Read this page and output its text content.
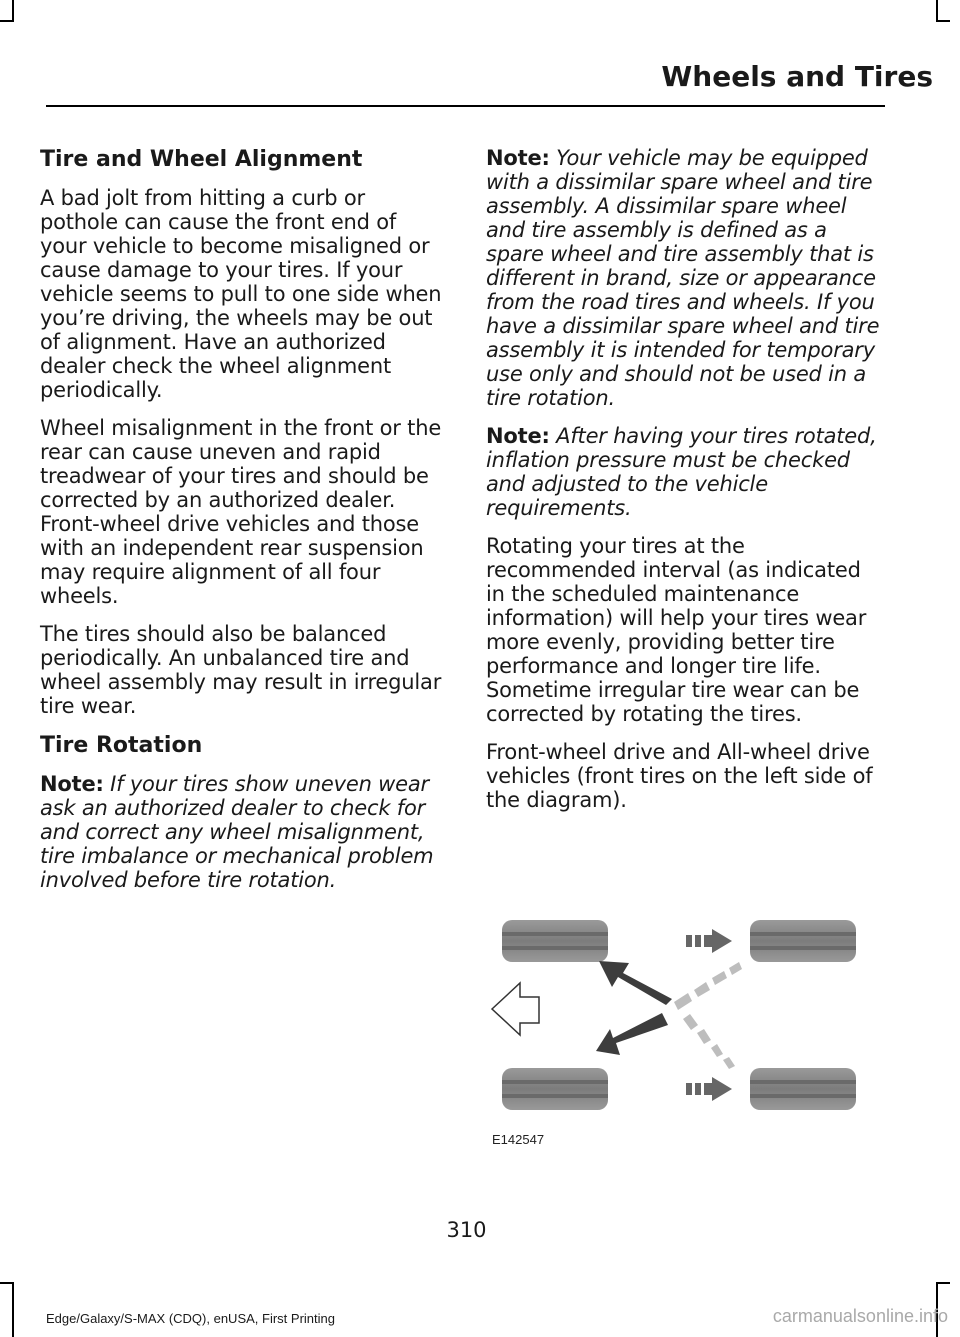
Wheels and Tires
Tire and Wheel Alignment

A bad jolt from hitting a curb or pothole can cause the front end of your vehicle to become misaligned or cause damage to your tires. If your vehicle seems to pull to one side when you’re driving, the wheels may be out of alignment. Have an authorized dealer check the wheel alignment periodically.

Wheel misalignment in the front or the rear can cause uneven and rapid treadwear of your tires and should be corrected by an authorized dealer. Front-wheel drive vehicles and those with an independent rear suspension may require alignment of all four wheels.

The tires should also be balanced periodically. An unbalanced tire and wheel assembly may result in irregular tire wear.

Tire Rotation

Note: If your tires show uneven wear ask an authorized dealer to check for and correct any wheel misalignment, tire imbalance or mechanical problem involved before tire rotation.

Note: Your vehicle may be equipped with a dissimilar spare wheel and tire assembly. A dissimilar spare wheel and tire assembly is defined as a spare wheel and tire assembly that is different in brand, size or appearance from the road tires and wheels. If you have a dissimilar spare wheel and tire assembly it is intended for temporary use only and should not be used in a tire rotation.

Note: After having your tires rotated, inflation pressure must be checked and adjusted to the vehicle requirements.

Rotating your tires at the recommended interval (as indicated in the scheduled maintenance information) will help your tires wear more evenly, providing better tire performance and longer tire life. Sometime irregular tire wear can be corrected by rotating the tires.

Front-wheel drive and All-wheel drive vehicles (front tires on the left side of the diagram).

E142547
310
Edge/Galaxy/S-MAX (CDQ), enUSA, First Printing	carmanualsonline.info
